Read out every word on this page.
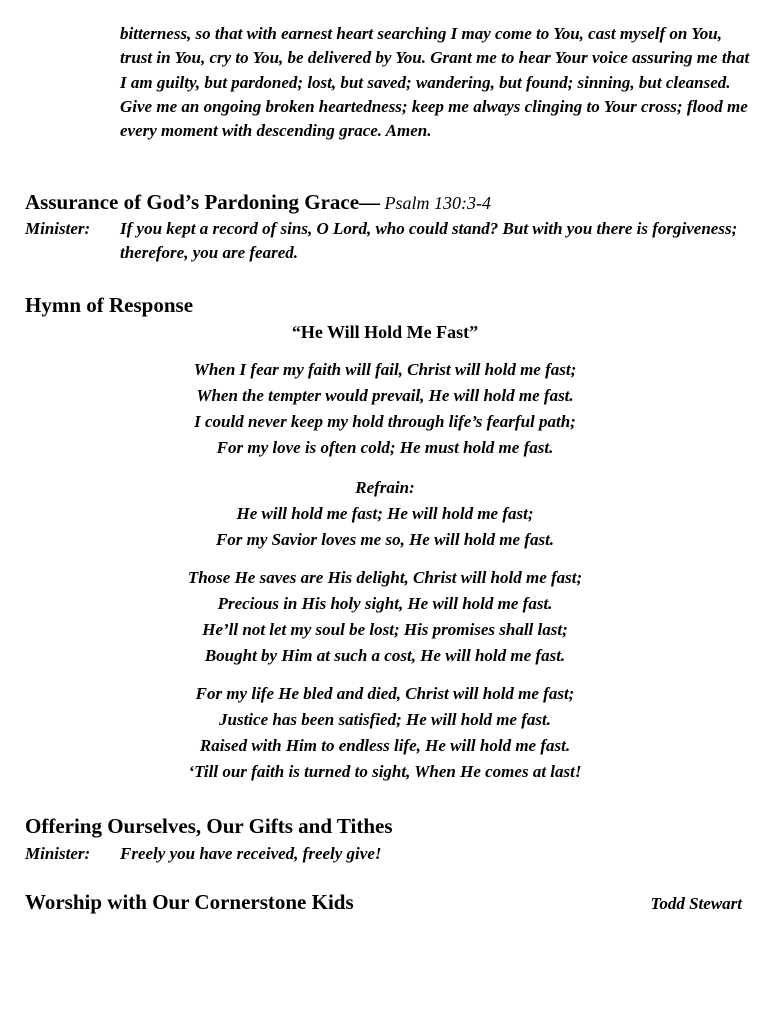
bitterness, so that with earnest heart searching I may come to You, cast myself on You, trust in You, cry to You, be delivered by You. Grant me to hear Your voice assuring me that I am guilty, but pardoned; lost, but saved; wandering, but found; sinning, but cleansed. Give me an ongoing broken heartedness; keep me always clinging to Your cross; flood me every moment with descending grace. Amen.

Assurance of God’s Pardoning Grace— Psalm 130:3-4
Minister: If you kept a record of sins, O Lord, who could stand? But with you there is forgiveness; therefore, you are feared.

Hymn of Response
“He Will Hold Me Fast”
When I fear my faith will fail, Christ will hold me fast;
When the tempter would prevail, He will hold me fast.
I could never keep my hold through life’s fearful path;
For my love is often cold; He must hold me fast.
Refrain:
He will hold me fast; He will hold me fast;
For my Savior loves me so, He will hold me fast.
Those He saves are His delight, Christ will hold me fast;
Precious in His holy sight, He will hold me fast.
He’ll not let my soul be lost; His promises shall last;
Bought by Him at such a cost, He will hold me fast.
For my life He bled and died, Christ will hold me fast;
Justice has been satisfied; He will hold me fast.
Raised with Him to endless life, He will hold me fast.
‘Till our faith is turned to sight, When He comes at last!
Offering Ourselves, Our Gifts and Tithes
Minister: Freely you have received, freely give!

Worship with Our Cornerstone Kids	Todd Stewart
